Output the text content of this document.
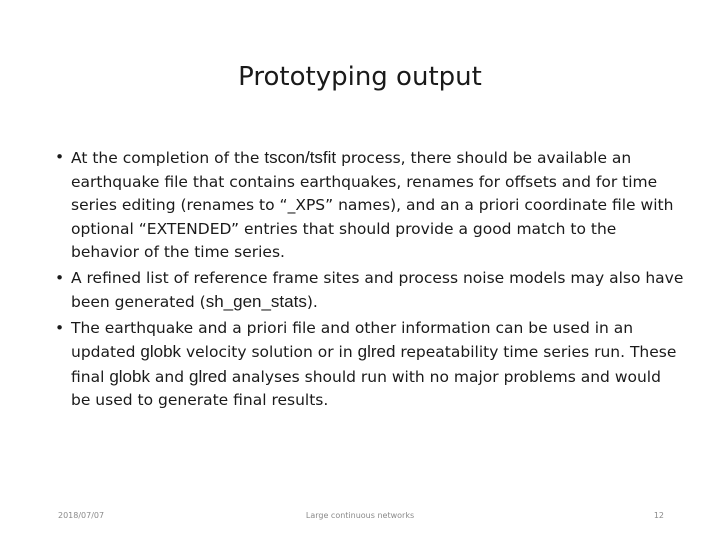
Prototyping output
• At the completion of the tscon/tsfit process, there should be available an earthquake file that contains earthquakes, renames for offsets and for time series editing (renames to “_XPS” names), and an a priori coordinate file with optional “EXTENDED” entries that should provide a good match to the behavior of the time series.
• A refined list of reference frame sites and process noise models may also have been generated (sh_gen_stats).
• The earthquake and a priori file and other information can be used in an updated globk velocity solution or in glred repeatability time series run. These final globk and glred analyses should run with no major problems and would be used to generate final results.
2018/07/07	Large continuous networks	12
